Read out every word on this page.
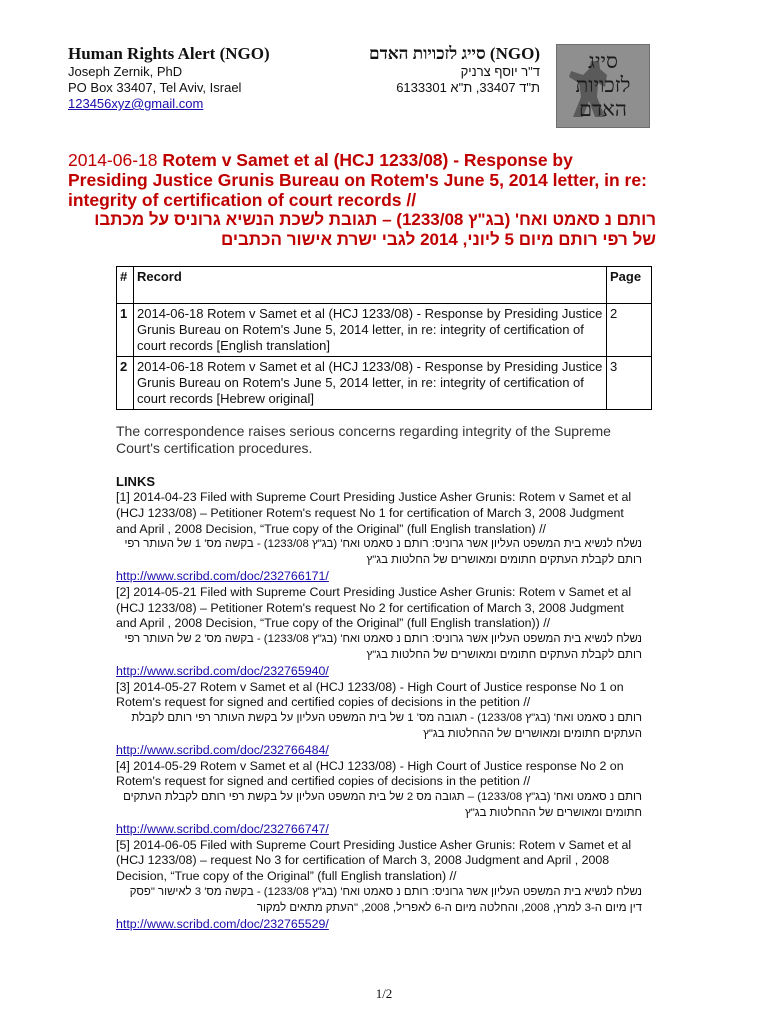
Human Rights Alert (NGO)
Joseph Zernik, PhD
PO Box 33407, Tel Aviv, Israel
123456xyz@gmail.com
(NGO) סייג לזכויות האדם
ד"ר יוסף צרניק
ת"ד 33407, ת"א 6133301
סייג
לזכויות
האדם
2014-06-18 Rotem v Samet et al (HCJ 1233/08) - Response by Presiding Justice Grunis Bureau on Rotem's June 5, 2014 letter, in re: integrity of certification of court records //
רותם נ סאמט ואח' (בג"ץ 1233/08) – תגובת לשכת הנשיא גרוניס על מכתבו של רפי רותם מיום 5 ליוני, 2014 לגבי ישרת אישור הכתבים
#	Record	Page
1	2014-06-18 Rotem v Samet et al (HCJ 1233/08) - Response by Presiding Justice Grunis Bureau on Rotem's June 5, 2014 letter, in re: integrity of certification of court records [English translation]	2
2	2014-06-18 Rotem v Samet et al (HCJ 1233/08) - Response by Presiding Justice Grunis Bureau on Rotem's June 5, 2014 letter, in re: integrity of certification of court records [Hebrew original]	3
The correspondence raises serious concerns regarding integrity of the Supreme Court's certification procedures.
LINKS
[1] 2014-04-23 Filed with Supreme Court Presiding Justice Asher Grunis: Rotem v Samet et al (HCJ 1233/08) – Petitioner Rotem's request No 1 for certification of March 3, 2008 Judgment and April , 2008 Decision, “True copy of the Original” (full English translation) //
נשלח לנשיא בית המשפט העליון אשר גרוניס: רותם נ סאמט ואח' (בג"ץ 1233/08) - בקשה מס' 1 של העותר רפי רותם לקבלת העתקים חתומים ומאושרים של החלטות בג"ץ
http://www.scribd.com/doc/232766171/
[2] 2014-05-21 Filed with Supreme Court Presiding Justice Asher Grunis: Rotem v Samet et al (HCJ 1233/08) – Petitioner Rotem's request No 2 for certification of March 3, 2008 Judgment and April , 2008 Decision, “True copy of the Original” (full English translation)) //
נשלח לנשיא בית המשפט העליון אשר גרוניס: רותם נ סאמט ואח' (בג"ץ 1233/08) - בקשה מס' 2 של העותר רפי רותם לקבלת העתקים חתומים ומאושרים של החלטות בג"ץ
http://www.scribd.com/doc/232765940/
[3] 2014-05-27 Rotem v Samet et al (HCJ 1233/08) - High Court of Justice response No 1 on Rotem's request for signed and certified copies of decisions in the petition //
רותם נ סאמט ואח' (בג"ץ 1233/08) - תגובה מס' 1 של בית המשפט העליון על בקשת העותר רפי רותם לקבלת העתקים חתומים ומאושרים של ההחלטות בג"ץ
http://www.scribd.com/doc/232766484/
[4] 2014-05-29 Rotem v Samet et al (HCJ 1233/08) - High Court of Justice response No 2 on Rotem's request for signed and certified copies of decisions in the petition //
רותם נ סאמט ואח' (בג"ץ 1233/08) – תגובה מס 2 של בית המשפט העליון על בקשת רפי רותם לקבלת העתקים חתומים ומאושרים של ההחלטות בג"ץ
http://www.scribd.com/doc/232766747/
[5] 2014-06-05 Filed with Supreme Court Presiding Justice Asher Grunis: Rotem v Samet et al (HCJ 1233/08) – request No 3 for certification of March 3, 2008 Judgment and April , 2008 Decision, “True copy of the Original” (full English translation) //
נשלח לנשיא בית המשפט העליון אשר גרוניס: רותם נ סאמט ואח' (בג"ץ 1233/08) - בקשה מס' 3 לאישור "פסק דין מיום ה-3 למרץ, 2008, והחלטה מיום ה-6 לאפריל, 2008, "העתק מתאים למקור
http://www.scribd.com/doc/232765529/
1/2
